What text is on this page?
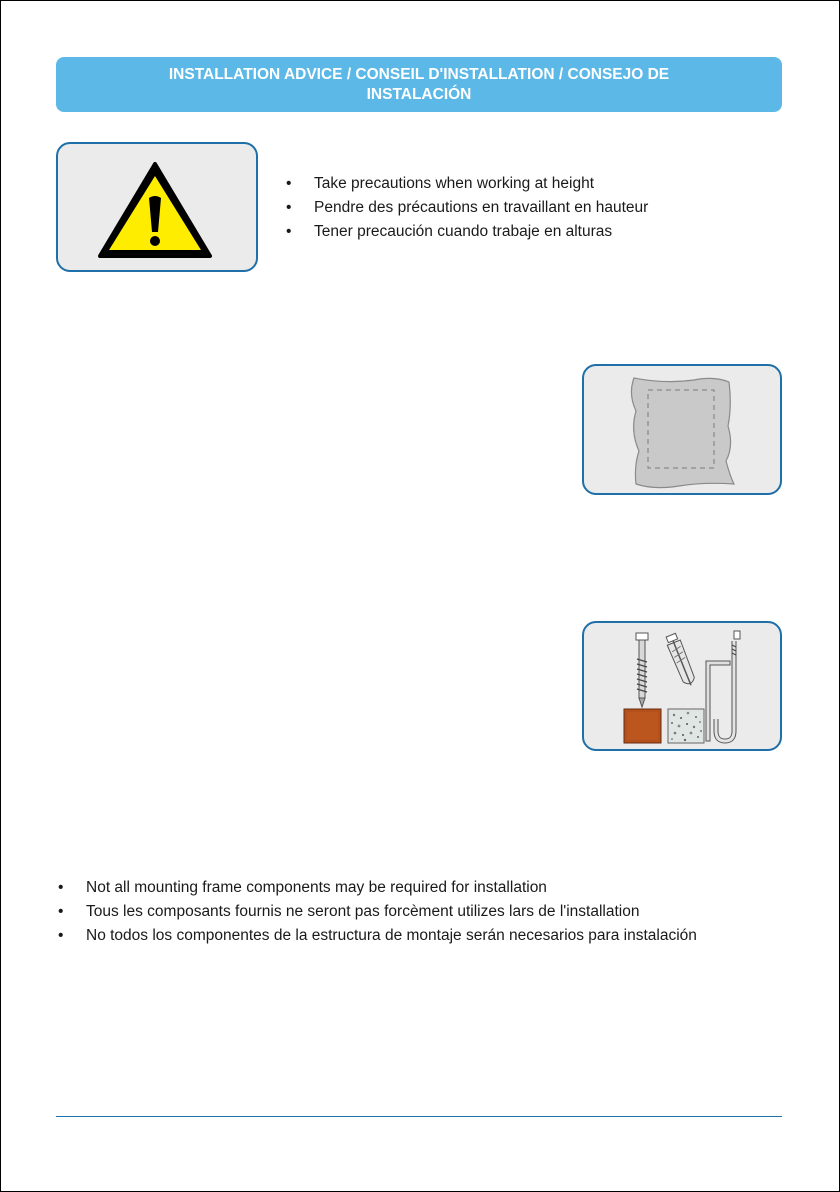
INSTALLATION ADVICE / CONSEIL D'INSTALLATION / CONSEJO DE INSTALACIÓN
• Take precautions when working at height
• Pendre des précautions en travaillant en hauteur
• Tener precaución cuando trabaje en alturas
• Not all mounting frame components may be required for installation
• Tous les composants fournis ne seront pas forcèment utilizes lars de l'installation
• No todos los componentes de la estructura de montaje serán necesarios para instalación
